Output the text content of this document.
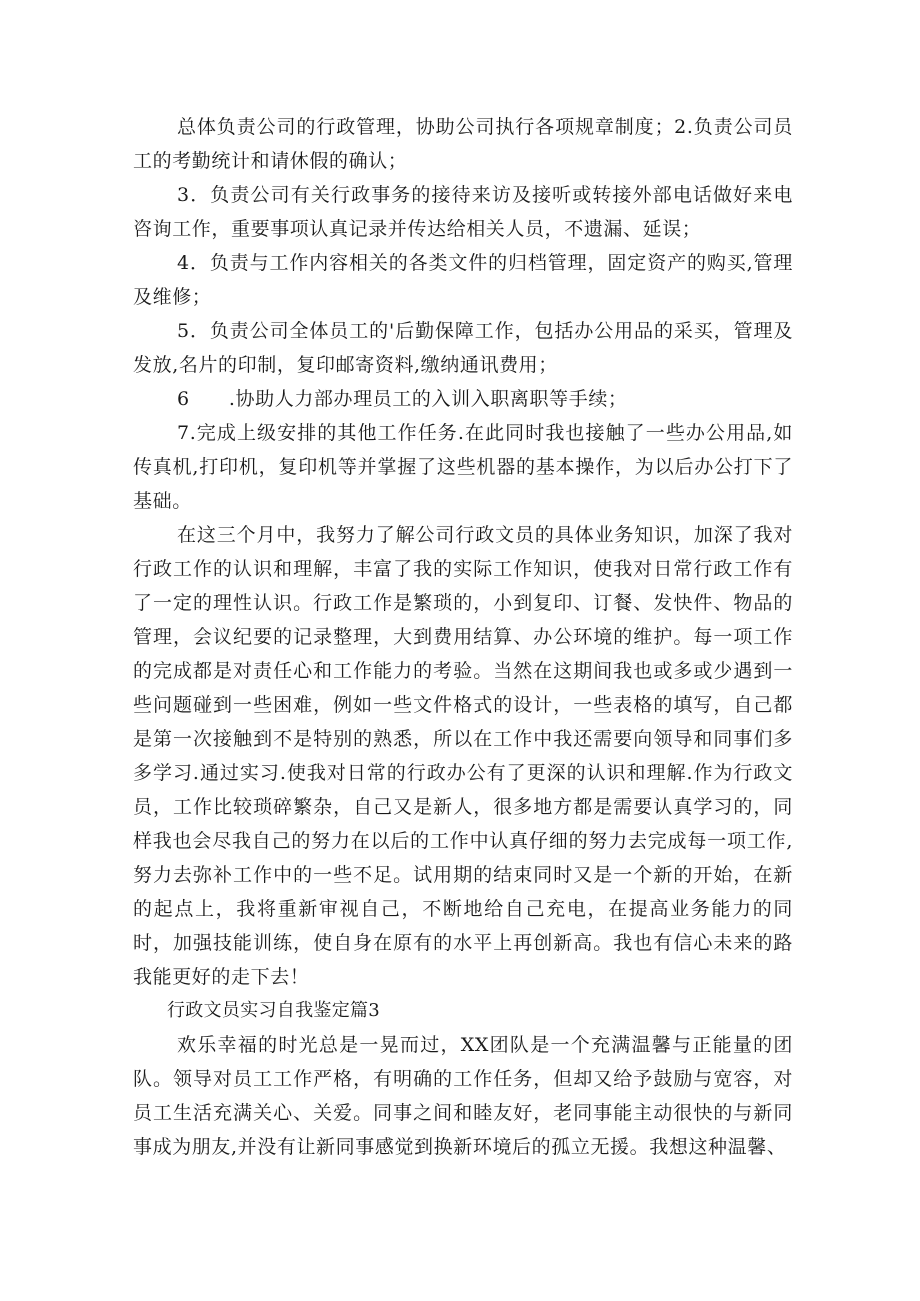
总体负责公司的行政管理，协助公司执行各项规章制度；2.负责公司员工的考勤统计和请休假的确认；

3．负责公司有关行政事务的接待来访及接听或转接外部电话做好来电咨询工作，重要事项认真记录并传达给相关人员，不遗漏、延误；

4．负责与工作内容相关的各类文件的归档管理，固定资产的购买,管理及维修；

5．负责公司全体员工的'后勤保障工作，包括办公用品的采买，管理及发放,名片的印制，复印邮寄资料,缴纳通讯费用；

6　　.协助人力部办理员工的入训入职离职等手续；

7.完成上级安排的其他工作任务.在此同时我也接触了一些办公用品,如传真机,打印机，复印机等并掌握了这些机器的基本操作，为以后办公打下了基础。

在这三个月中，我努力了解公司行政文员的具体业务知识，加深了我对行政工作的认识和理解，丰富了我的实际工作知识，使我对日常行政工作有了一定的理性认识。行政工作是繁琐的，小到复印、订餐、发快件、物品的管理，会议纪要的记录整理，大到费用结算、办公环境的维护。每一项工作的完成都是对责任心和工作能力的考验。当然在这期间我也或多或少遇到一些问题碰到一些困难，例如一些文件格式的设计，一些表格的填写，自己都是第一次接触到不是特别的熟悉，所以在工作中我还需要向领导和同事们多多学习.通过实习.使我对日常的行政办公有了更深的认识和理解.作为行政文员，工作比较琐碎繁杂，自己又是新人，很多地方都是需要认真学习的，同样我也会尽我自己的努力在以后的工作中认真仔细的努力去完成每一项工作,努力去弥补工作中的一些不足。试用期的结束同时又是一个新的开始，在新的起点上，我将重新审视自己，不断地给自己充电，在提高业务能力的同时，加强技能训练，使自身在原有的水平上再创新高。我也有信心未来的路我能更好的走下去！

行政文员实习自我鉴定篇3

欢乐幸福的时光总是一晃而过，XX团队是一个充满温馨与正能量的团队。领导对员工工作严格，有明确的工作任务，但却又给予鼓励与宽容，对员工生活充满关心、关爱。同事之间和睦友好，老同事能主动很快的与新同事成为朋友,并没有让新同事感觉到换新环境后的孤立无援。我想这种温馨、
